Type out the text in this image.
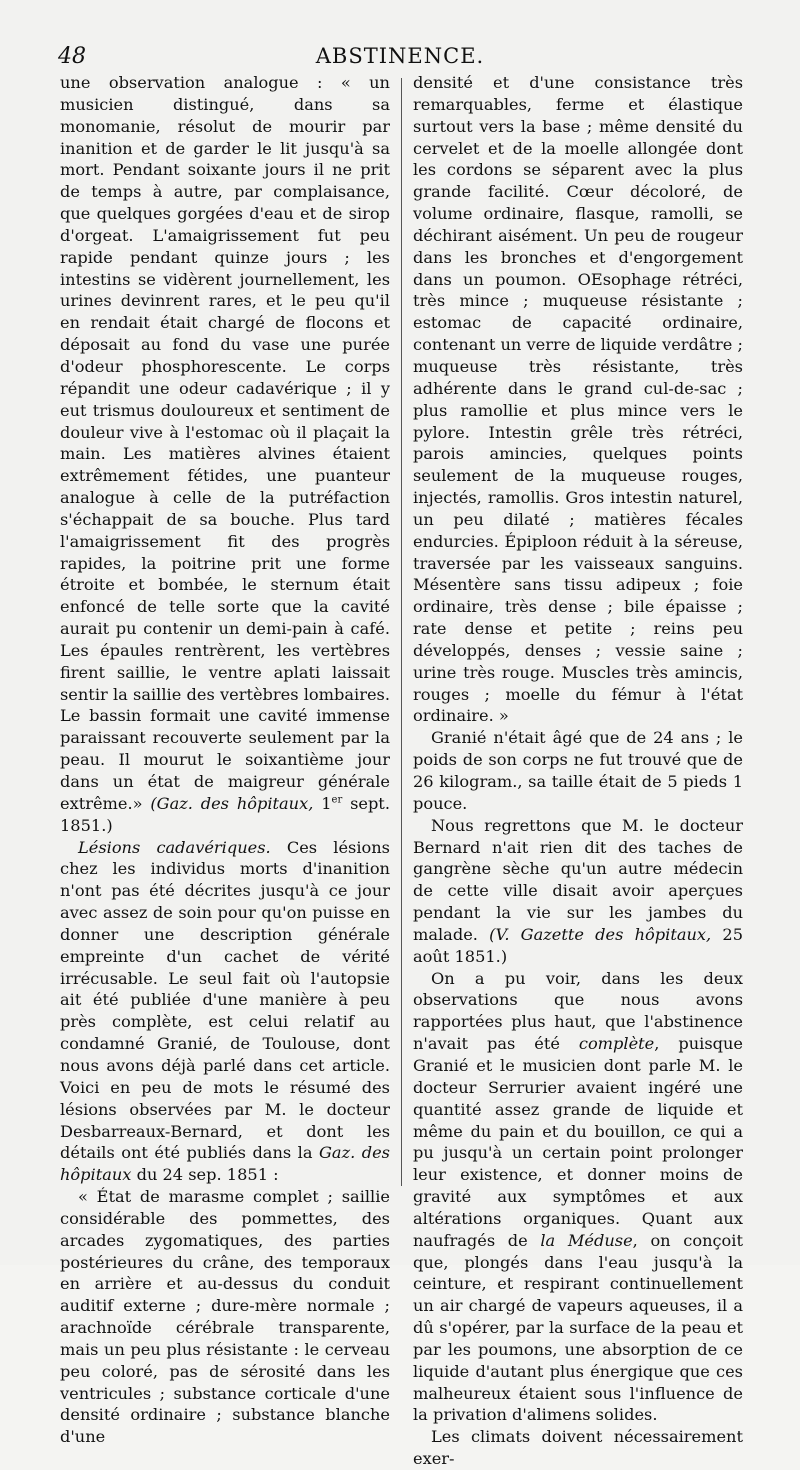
48	ABSTINENCE.

une observation analogue : « un musicien distingué, dans sa monomanie, résolut de mourir par inanition et de garder le lit jusqu'à sa mort. Pendant soixante jours il ne prit de temps à autre, par complaisance, que quelques gorgées d'eau et de sirop d'orgeat. L'amaigrissement fut peu rapide pendant quinze jours ; les intestins se vidèrent journellement, les urines devinrent rares, et le peu qu'il en rendait était chargé de flocons et déposait au fond du vase une purée d'odeur phosphorescente. Le corps répandit une odeur cadavérique ; il y eut trismus douloureux et sentiment de douleur vive à l'estomac où il plaçait la main. Les matières alvines étaient extrêmement fétides, une puanteur analogue à celle de la putréfaction s'échappait de sa bouche. Plus tard l'amaigrissement fit des progrès rapides, la poitrine prit une forme étroite et bombée, le sternum était enfoncé de telle sorte que la cavité aurait pu contenir un demi-pain à café. Les épaules rentrèrent, les vertèbres firent saillie, le ventre aplati laissait sentir la saillie des vertèbres lombaires. Le bassin formait une cavité immense paraissant recouverte seulement par la peau. Il mourut le soixantième jour dans un état de maigreur générale extrême.» (Gaz. des hôpitaux, 1er sept. 1851.)

Lésions cadavériques. Ces lésions chez les individus morts d'inanition n'ont pas été décrites jusqu'à ce jour avec assez de soin pour qu'on puisse en donner une description générale empreinte d'un cachet de vérité irrécusable. Le seul fait où l'autopsie ait été publiée d'une manière à peu près complète, est celui relatif au condamné Granié, de Toulouse, dont nous avons déjà parlé dans cet article. Voici en peu de mots le résumé des lésions observées par M. le docteur Desbarreaux-Bernard, et dont les détails ont été publiés dans la Gaz. des hôpitaux du 24 sep. 1851 :

« État de marasme complet ; saillie considérable des pommettes, des arcades zygomatiques, des parties postérieures du crâne, des temporaux en arrière et au-dessus du conduit auditif externe ; dure-mère normale ; arachnoïde cérébrale transparente, mais un peu plus résistante : le cerveau peu coloré, pas de sérosité dans les ventricules ; substance corticale d'une densité ordinaire ; substance blanche d'une

densité et d'une consistance très remarquables, ferme et élastique surtout vers la base ; même densité du cervelet et de la moelle allongée dont les cordons se séparent avec la plus grande facilité. Cœur décoloré, de volume ordinaire, flasque, ramolli, se déchirant aisément. Un peu de rougeur dans les bronches et d'engorgement dans un poumon. OEsophage rétréci, très mince ; muqueuse résistante ; estomac de capacité ordinaire, contenant un verre de liquide verdâtre ; muqueuse très résistante, très adhérente dans le grand cul-de-sac ; plus ramollie et plus mince vers le pylore. Intestin grêle très rétréci, parois amincies, quelques points seulement de la muqueuse rouges, injectés, ramollis. Gros intestin naturel, un peu dilaté ; matières fécales endurcies. Épiploon réduit à la séreuse, traversée par les vaisseaux sanguins. Mésentère sans tissu adipeux ; foie ordinaire, très dense ; bile épaisse ; rate dense et petite ; reins peu développés, denses ; vessie saine ; urine très rouge. Muscles très amincis, rouges ; moelle du fémur à l'état ordinaire. »

Granié n'était âgé que de 24 ans ; le poids de son corps ne fut trouvé que de 26 kilogram., sa taille était de 5 pieds 1 pouce.

Nous regrettons que M. le docteur Bernard n'ait rien dit des taches de gangrène sèche qu'un autre médecin de cette ville disait avoir aperçues pendant la vie sur les jambes du malade. (V. Gazette des hôpitaux, 25 août 1851.)

On a pu voir, dans les deux observations que nous avons rapportées plus haut, que l'abstinence n'avait pas été complète, puisque Granié et le musicien dont parle M. le docteur Serrurier avaient ingéré une quantité assez grande de liquide et même du pain et du bouillon, ce qui a pu jusqu'à un certain point prolonger leur existence, et donner moins de gravité aux symptômes et aux altérations organiques. Quant aux naufragés de la Méduse, on conçoit que, plongés dans l'eau jusqu'à la ceinture, et respirant continuellement un air chargé de vapeurs aqueuses, il a dû s'opérer, par la surface de la peau et par les poumons, une absorption de ce liquide d'autant plus énergique que ces malheureux étaient sous l'influence de la privation d'alimens solides.

Les climats doivent nécessairement exer-
